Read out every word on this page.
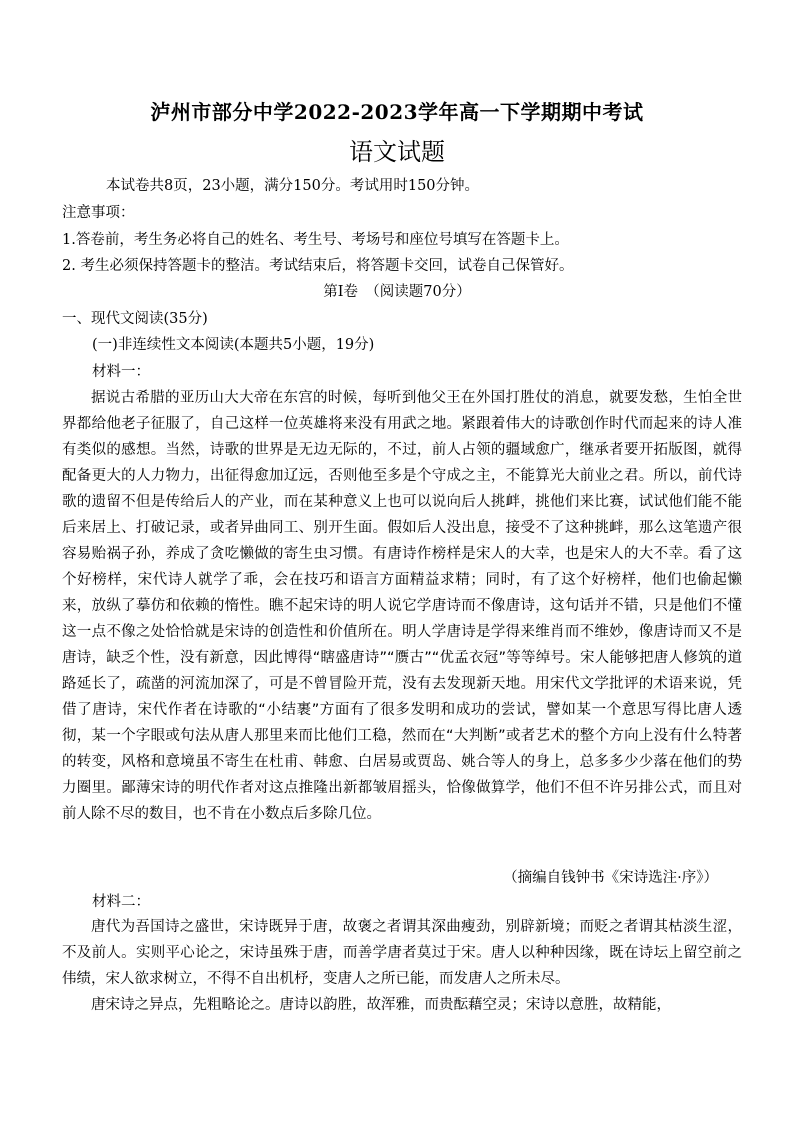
泸州市部分中学2022-2023学年高一下学期期中考试
语文试题
本试卷共8页，23小题，满分150分。考试用时150分钟。
注意事项：
1.答卷前，考生务必将自己的姓名、考生号、考场号和座位号填写在答题卡上。
2. 考生必须保持答题卡的整洁。考试结束后，将答题卡交回，试卷自己保管好。
第Ⅰ卷　（阅读题70分）
一、现代文阅读(35分)
(一)非连续性文本阅读(本题共5小题，19分)
材料一：

据说古希腊的亚历山大大帝在东宫的时候，每听到他父王在外国打胜仗的消息，就要发愁，生怕全世界都给他老子征服了，自己这样一位英雄将来没有用武之地。紧跟着伟大的诗歌创作时代而起来的诗人准有类似的感想。当然，诗歌的世界是无边无际的，不过，前人占领的疆域愈广，继承者要开拓版图，就得配备更大的人力物力，出征得愈加辽远，否则他至多是个守成之主，不能算光大前业之君。所以，前代诗歌的遗留不但是传给后人的产业，而在某种意义上也可以说向后人挑衅，挑他们来比赛，试试他们能不能后来居上、打破记录，或者异曲同工、别开生面。假如后人没出息，接受不了这种挑衅，那么这笔遗产很容易贻祸子孙，养成了贪吃懒做的寄生虫习惯。有唐诗作榜样是宋人的大幸，也是宋人的大不幸。看了这个好榜样，宋代诗人就学了乖，会在技巧和语言方面精益求精；同时，有了这个好榜样，他们也偷起懒来，放纵了摹仿和依赖的惰性。瞧不起宋诗的明人说它学唐诗而不像唐诗，这句话并不错，只是他们不懂这一点不像之处恰恰就是宋诗的创造性和价值所在。明人学唐诗是学得来维肖而不维妙，像唐诗而又不是唐诗，缺乏个性，没有新意，因此博得“瞎盛唐诗”“赝古”“优孟衣冠”等等绰号。宋人能够把唐人修筑的道路延长了，疏凿的河流加深了，可是不曾冒险开荒，没有去发现新天地。用宋代文学批评的术语来说，凭借了唐诗，宋代作者在诗歌的“小结裹”方面有了很多发明和成功的尝试，譬如某一个意思写得比唐人透彻，某一个字眼或句法从唐人那里来而比他们工稳，然而在“大判断”或者艺术的整个方向上没有什么特著的转变，风格和意境虽不寄生在杜甫、韩愈、白居易或贾岛、姚合等人的身上，总多多少少落在他们的势力圈里。鄙薄宋诗的明代作者对这点推隆出新都皱眉摇头，恰像做算学，他们不但不许另排公式，而且对前人除不尽的数目，也不肯在小数点后多除几位。

（摘编自钱钟书《宋诗选注·序》）
材料二：

唐代为吾国诗之盛世，宋诗既异于唐，故褒之者谓其深曲瘦劲，别辟新境；而贬之者谓其枯淡生涩，不及前人。实则平心论之，宋诗虽殊于唐，而善学唐者莫过于宋。唐人以种种因缘，既在诗坛上留空前之伟绩，宋人欲求树立，不得不自出机杼，变唐人之所已能，而发唐人之所未尽。

唐宋诗之异点，先粗略论之。唐诗以韵胜，故浑雅，而贵酝藉空灵；宋诗以意胜，故精能，
